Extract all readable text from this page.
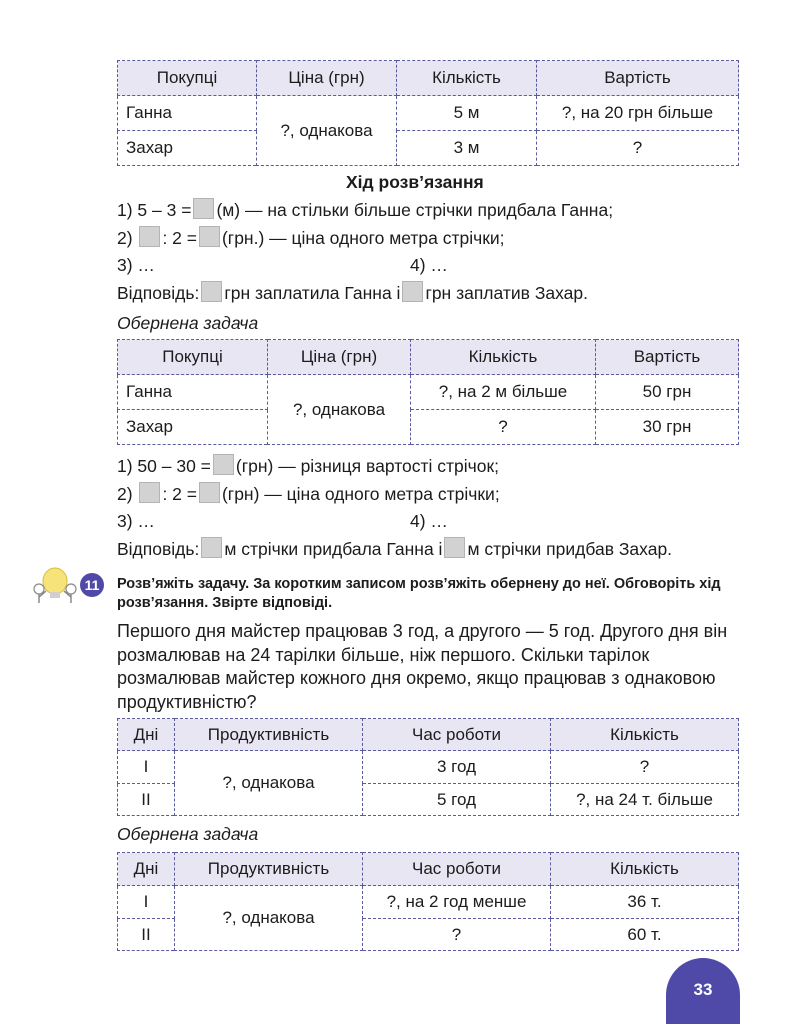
Покупці	Ціна (грн)	Кількість	Вартість
Ганна	?, однакова	5 м	?, на 20 грн більше
Захар		3 м	?
Хід розв’язання
1) 5 – 3 = (м) — на стільки більше стрічки придбала Ганна;
2) : 2 = (грн.) — ціна одного метра стрічки;
3) …	4) …
Відповідь: грн заплатила Ганна і грн заплатив Захар.
Обернена задача
Покупці	Ціна (грн)	Кількість	Вартість
Ганна	?, однакова	?, на 2 м більше	50 грн
Захар		?	30 грн
1) 50 – 30 = (грн) — різниця вартості стрічок;
2) : 2 = (грн) — ціна одного метра стрічки;
3) …	4) …
Відповідь: м стрічки придбала Ганна і м стрічки придбав Захар.
11	Розв’яжіть задачу. За коротким записом розв’яжіть обернену до неї. Обговоріть хід розв’язання. Звірте відповіді.
Першого дня майстер працював 3 год, а другого — 5 год. Другого дня він розмалював на 24 тарілки більше, ніж першого. Скільки тарілок розмалював майстер кожного дня окремо, якщо працював з однаковою продуктивністю?
Дні	Продуктивність	Час роботи	Кількість
І	?, однакова	3 год	?
ІІ		5 год	?, на 24 т. більше
Обернена задача
Дні	Продуктивність	Час роботи	Кількість
І	?, однакова	?, на 2 год менше	36 т.
ІІ		?	60 т.
33
